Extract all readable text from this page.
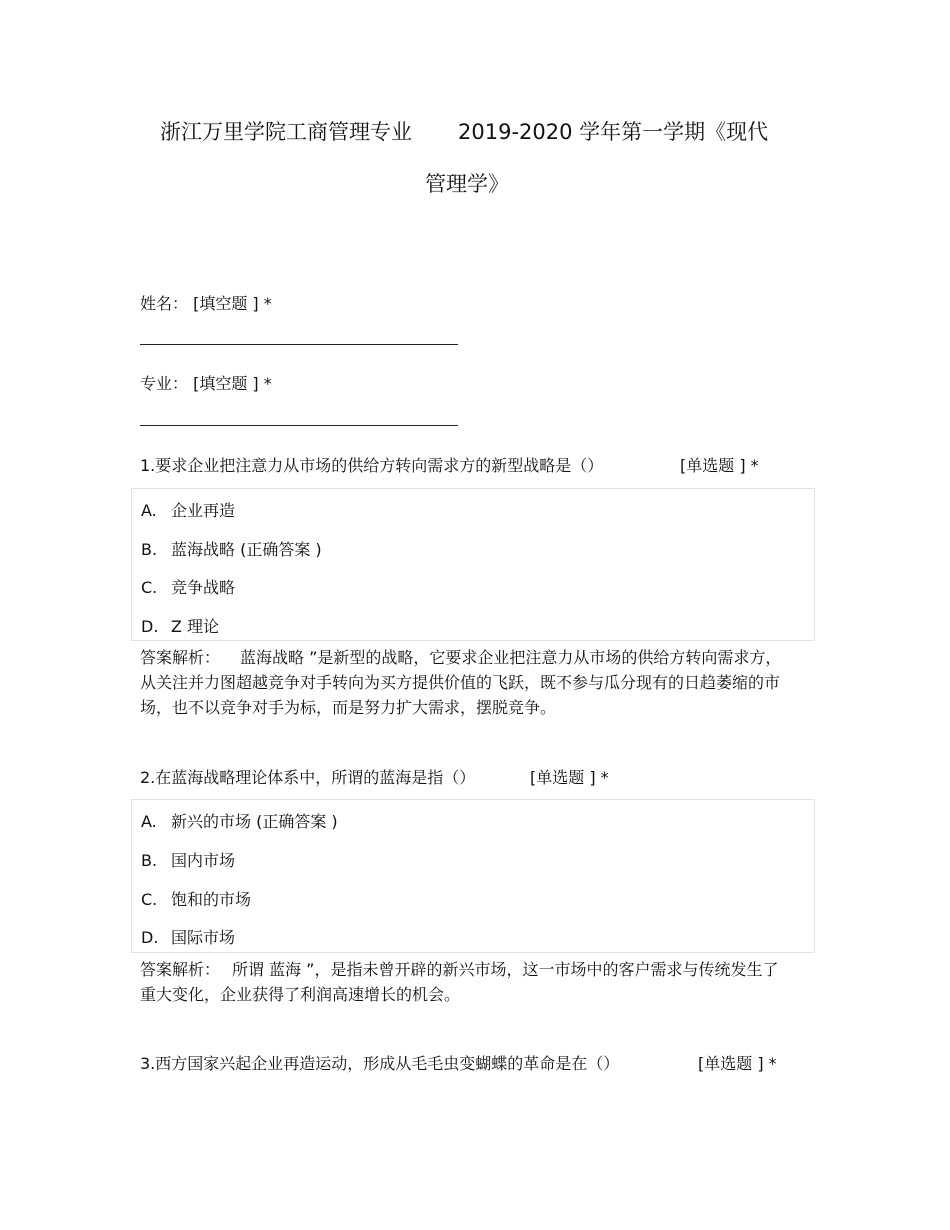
浙江万里学院工商管理专业 2019-2020 学年第一学期《现代
管理学》
姓名： [填空题 ] *
专业： [填空题 ] *
1.要求企业把注意力从市场的供给方转向需求方的新型战略是（）	[单选题 ] *
A. 企业再造
B. 蓝海战略 (正确答案 )
C. 竞争战略
D. Z 理论
答案解析： 蓝海战略 ”是新型的战略，它要求企业把注意力从市场的供给方转向需求方，从关注并力图超越竞争对手转向为买方提供价值的飞跃，既不参与瓜分现有的日趋萎缩的市场，也不以竞争对手为标，而是努力扩大需求，摆脱竞争。
2.在蓝海战略理论体系中，所谓的蓝海是指（）	[单选题 ] *
A. 新兴的市场 (正确答案 )
B. 国内市场
C. 饱和的市场
D. 国际市场
答案解析： 所谓 蓝海 ”，是指未曾开辟的新兴市场，这一市场中的客户需求与传统发生了重大变化，企业获得了利润高速增长的机会。
3.西方国家兴起企业再造运动，形成从毛毛虫变蝴蝶的革命是在（）	[单选题 ] *
